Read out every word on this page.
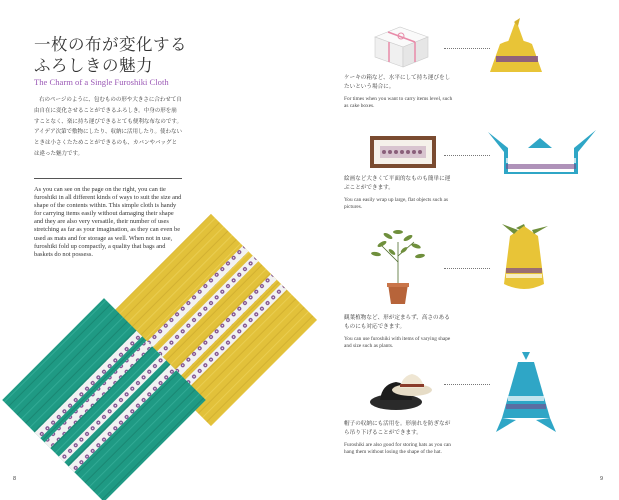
一枚の布が変化する
ふろしきの魅力
The Charm of a Single Furoshiki Cloth
右のページのように、包むものの形や大きさに合わせて自由自在に変化させることができるふろしき。中身の形を崩すことなく、楽に持ち運びできるとても便利な布なのです。アイデア次第で敷物にしたり、収納に活用したり。使わないときは小さくたためことができるのも、カバンやバッグとは違った魅力です。
As you can see on the page on the right, you can tie furoshiki in all different kinds of ways to suit the size and shape of the contents within. This simple cloth is handy for carrying items easily without damaging their shape and they are also very versatile, their number of uses stretching as far as your imagination, as they can even be used as mats and for storage as well. When not in use, furoshiki fold up compactly, a quality that bags and baskets do not possess.
8
ケーキの箱など、水平にして持ち運びをしたいという場合に。
For times when you want to carry items level, such as cake boxes.
絵画など大きくて平面的なものも簡単に運ぶことができます。
You can easily wrap up large, flat objects such as pictures.
観葉植物など、形が定まらず、高さのあるものにも対応できます。
You can use furoshiki with items of varying shape and size such as plants.
帽子の収納にも活用を。形崩れを防ぎながら吊り下げることができます。
Furoshiki are also good for storing hats as you can hang them without losing the shape of the hat.
9
